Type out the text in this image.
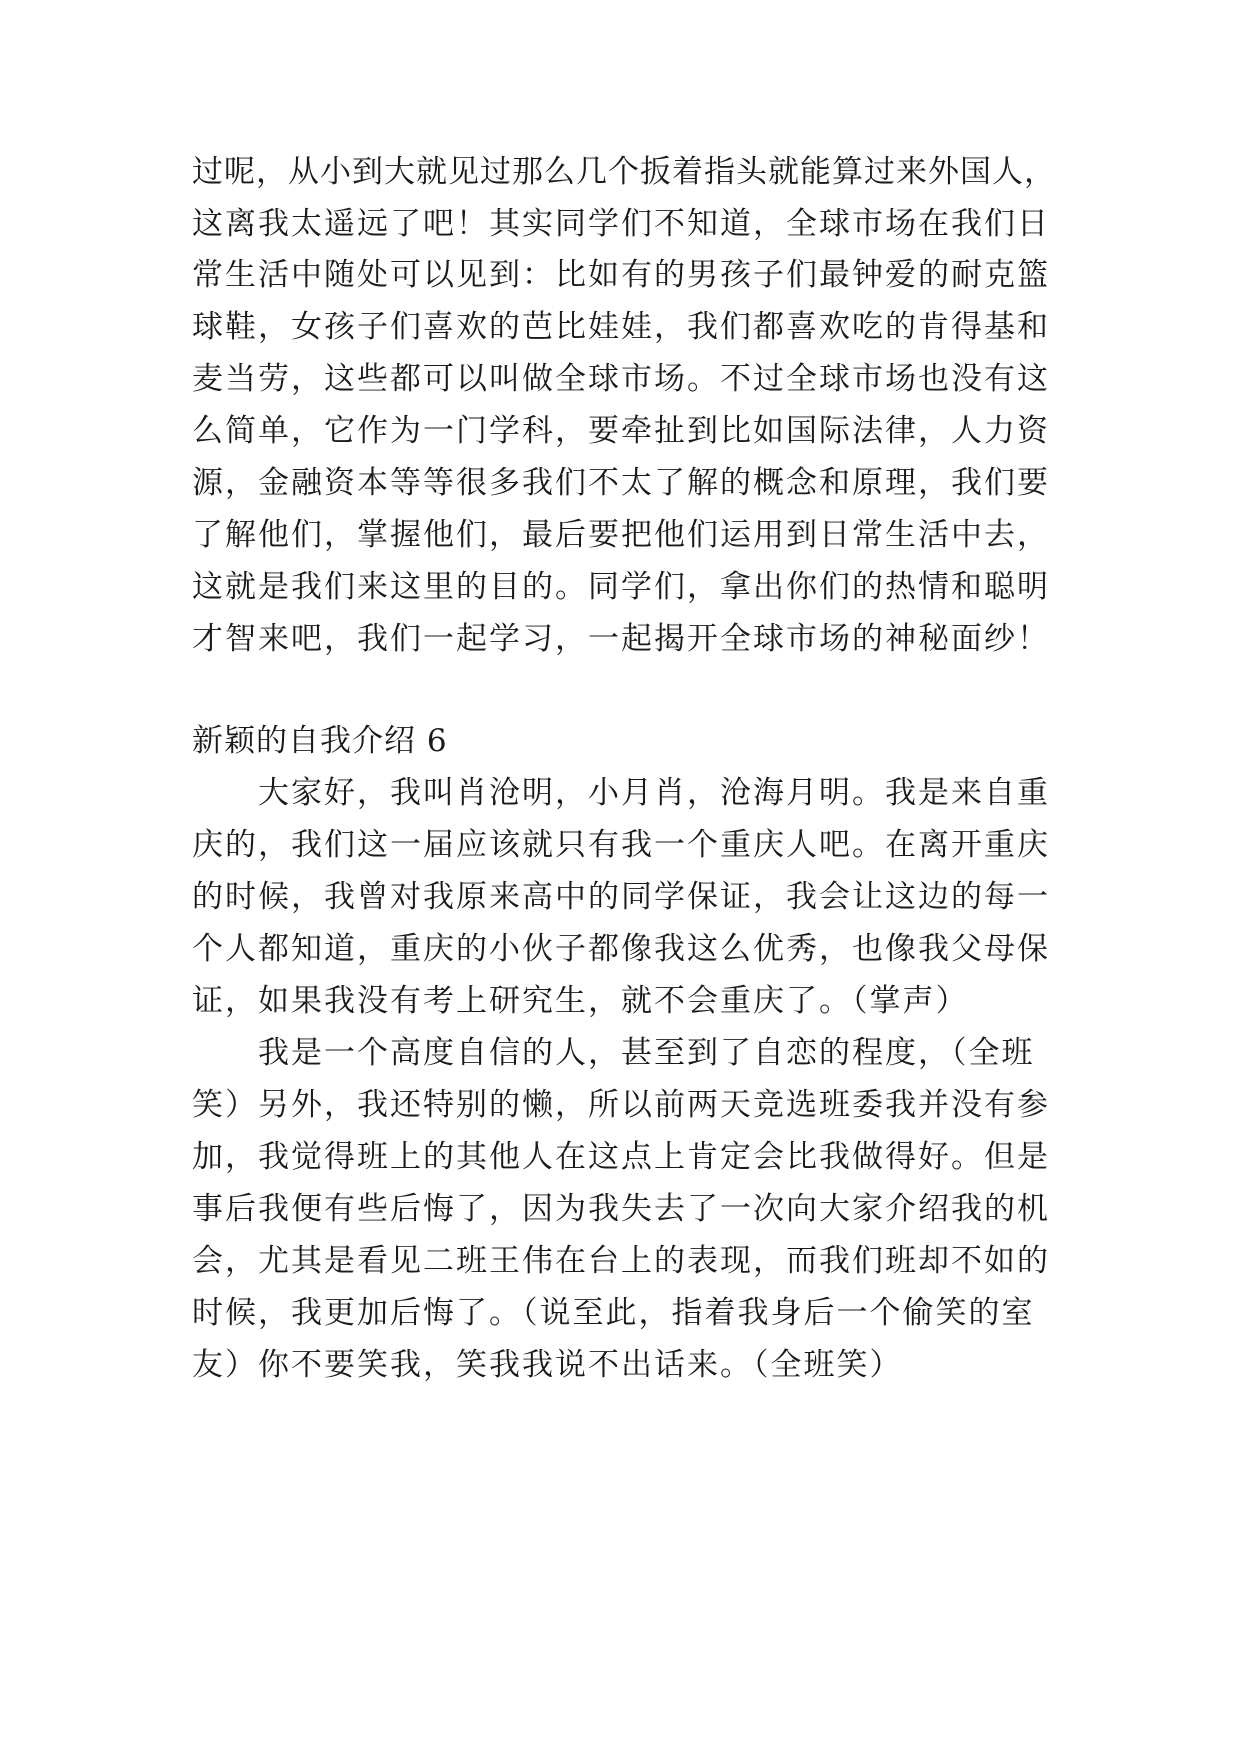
过呢，从小到大就见过那么几个扳着指头就能算过来外国人，
这离我太遥远了吧！其实同学们不知道，全球市场在我们日
常生活中随处可以见到：比如有的男孩子们最钟爱的耐克篮
球鞋，女孩子们喜欢的芭比娃娃，我们都喜欢吃的肯得基和
麦当劳，这些都可以叫做全球市场。不过全球市场也没有这
么简单，它作为一门学科，要牵扯到比如国际法律，人力资
源，金融资本等等很多我们不太了解的概念和原理，我们要
了解他们，掌握他们，最后要把他们运用到日常生活中去，
这就是我们来这里的目的。同学们，拿出你们的热情和聪明
才智来吧，我们一起学习，一起揭开全球市场的神秘面纱！
新颖的自我介绍 6
　　大家好，我叫肖沧明，小月肖，沧海月明。我是来自重
庆的，我们这一届应该就只有我一个重庆人吧。在离开重庆
的时候，我曾对我原来高中的同学保证，我会让这边的每一
个人都知道，重庆的小伙子都像我这么优秀，也像我父母保
证，如果我没有考上研究生，就不会重庆了。（掌声）
　　我是一个高度自信的人，甚至到了自恋的程度，（全班
笑）另外，我还特别的懒，所以前两天竞选班委我并没有参
加，我觉得班上的其他人在这点上肯定会比我做得好。但是
事后我便有些后悔了，因为我失去了一次向大家介绍我的机
会，尤其是看见二班王伟在台上的表现，而我们班却不如的
时候，我更加后悔了。（说至此，指着我身后一个偷笑的室
友）你不要笑我，笑我我说不出话来。（全班笑）
